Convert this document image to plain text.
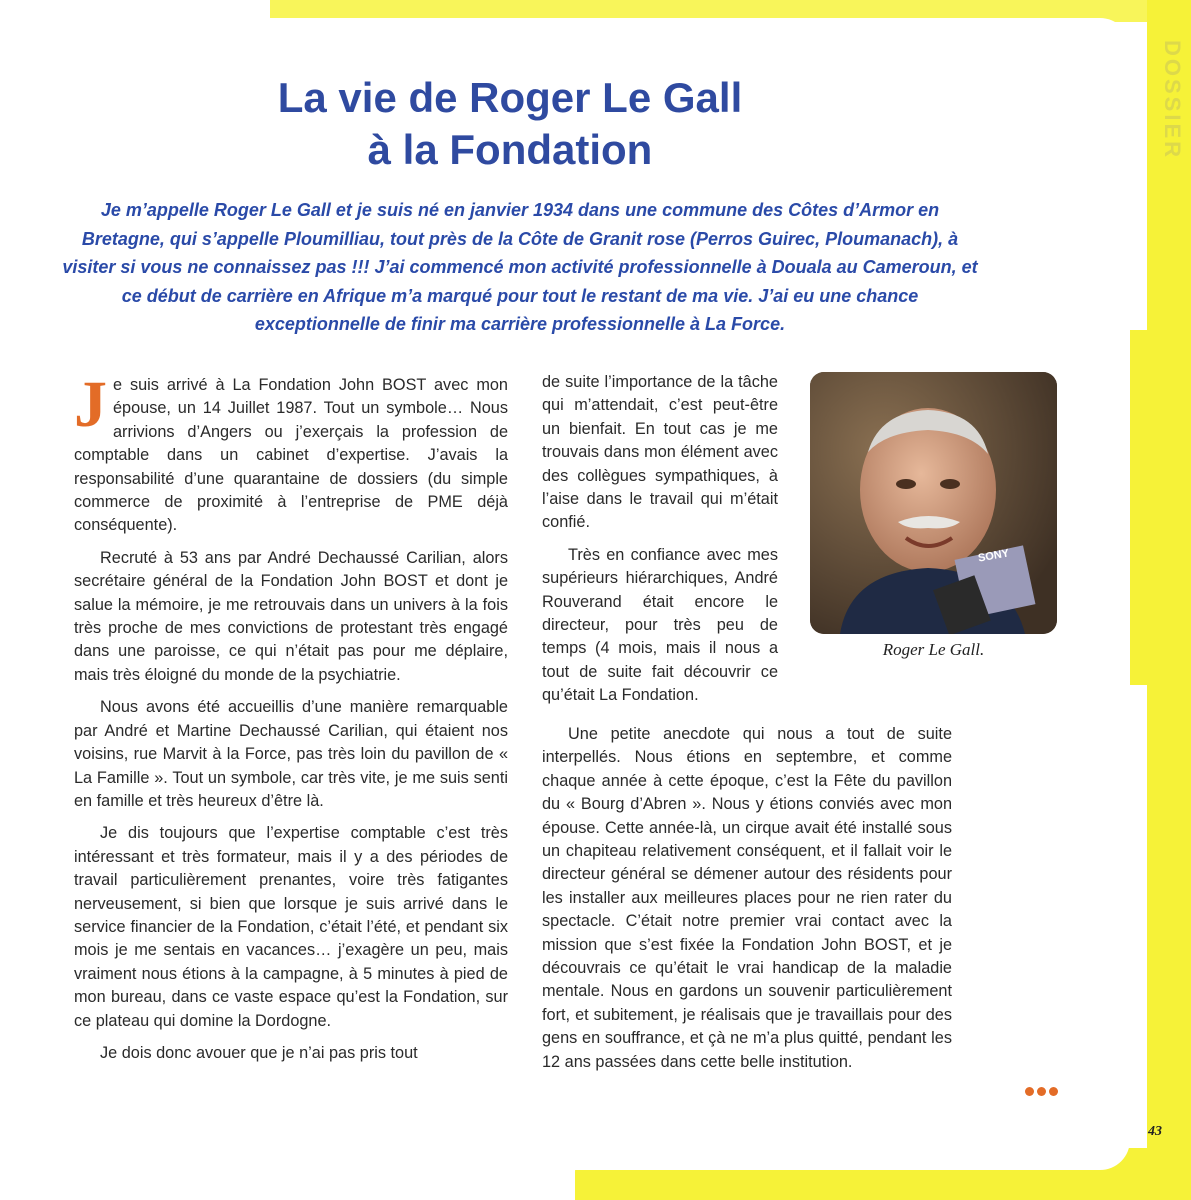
DOSSIER
La vie de Roger Le Gall
à la Fondation

Je m’appelle Roger Le Gall et je suis né en janvier 1934 dans une commune des Côtes d’Armor en Bretagne, qui s’appelle Ploumilliau, tout près de la Côte de Granit rose (Perros Guirec, Ploumanach), à visiter si vous ne connaissez pas !!! J’ai commencé mon activité professionnelle à Douala au Cameroun, et ce début de carrière en Afrique m’a marqué pour tout le restant de ma vie. J’ai eu une chance exceptionnelle de finir ma carrière professionnelle à La Force.

Je suis arrivé à La Fondation John BOST avec mon épouse, un 14 Juillet 1987. Tout un symbole… Nous arrivions d’Angers ou j’exerçais la profession de comptable dans un cabinet d’expertise. J’avais la responsabilité d’une quarantaine de dossiers (du simple commerce de proximité à l’entreprise de PME déjà conséquente).

Recruté à 53 ans par André Dechaussé Carilian, alors secrétaire général de la Fondation John BOST et dont je salue la mémoire, je me retrouvais dans un univers à la fois très proche de mes convictions de protestant très engagé dans une paroisse, ce qui n’était pas pour me déplaire, mais très éloigné du monde de la psychiatrie.

Nous avons été accueillis d’une manière remarquable par André et Martine Dechaussé Carilian, qui étaient nos voisins, rue Marvit à la Force, pas très loin du pavillon de « La Famille ». Tout un symbole, car très vite, je me suis senti en famille et très heureux d’être là.

Je dis toujours que l’expertise comptable c’est très intéressant et très formateur, mais il y a des périodes de travail particulièrement prenantes, voire très fatigantes nerveusement, si bien que lorsque je suis arrivé dans le service financier de la Fondation, c’était l’été, et pendant six mois je me sentais en vacances… j’exagère un peu, mais vraiment nous étions à la campagne, à 5 minutes à pied de mon bureau, dans ce vaste espace qu’est la Fondation, sur ce plateau qui domine la Dordogne.

Je dois donc avouer que je n’ai pas pris tout

de suite l’importance de la tâche qui m’attendait, c’est peut-être un bienfait. En tout cas je me trouvais dans mon élément avec des collègues sympathiques, à l’aise dans le travail qui m’était confié.

Très en confiance avec mes supérieurs hiérarchiques, André Rouverand était encore le directeur, pour très peu de temps (4 mois, mais il nous a tout de suite fait découvrir ce qu’était La Fondation.

Une petite anecdote qui nous a tout de suite interpellés. Nous étions en septembre, et comme chaque année à cette époque, c’est la Fête du pavillon du « Bourg d’Abren ». Nous y étions conviés avec mon épouse. Cette année-là, un cirque avait été installé sous un chapiteau relativement conséquent, et il fallait voir le directeur général se démener autour des résidents pour les installer aux meilleures places pour ne rien rater du spectacle. C’était notre premier vrai contact avec la mission que s’est fixée la Fondation John BOST, et je découvrais ce qu’était le vrai handicap de la maladie mentale. Nous en gardons un souvenir particulièrement fort, et subitement, je réalisais que je travaillais pour des gens en souffrance, et çà ne m’a plus quitté, pendant les 12 ans passées dans cette belle institution.

SONY
Roger Le Gall.
43
